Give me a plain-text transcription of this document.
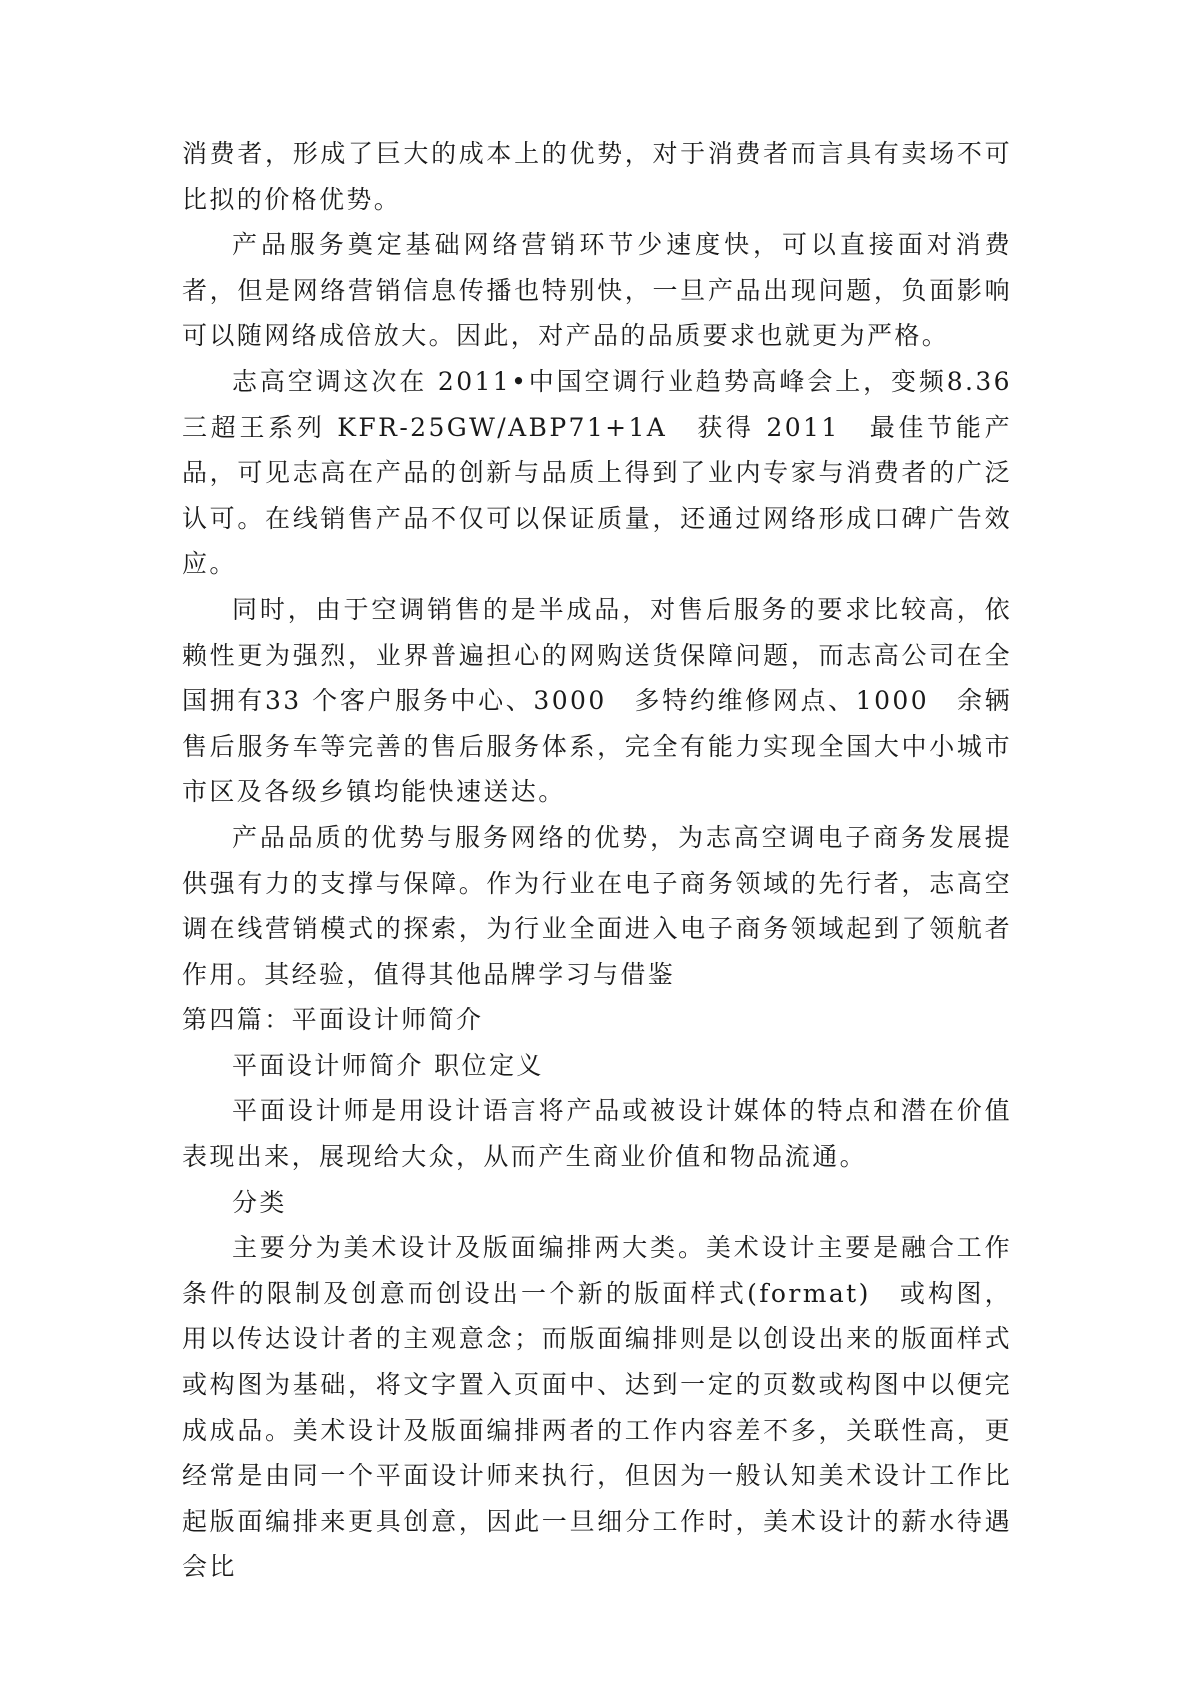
消费者，形成了巨大的成本上的优势，对于消费者而言具有卖场不可比拟的价格优势。

产品服务奠定基础网络营销环节少速度快，可以直接面对消费者，但是网络营销信息传播也特别快，一旦产品出现问题，负面影响可以随网络成倍放大。因此，对产品的品质要求也就更为严格。

志高空调这次在 2011•中国空调行业趋势高峰会上，变频8.36 三超王系列 KFR-25GW/ABP71+1A　获得 2011　最佳节能产品，可见志高在产品的创新与品质上得到了业内专家与消费者的广泛认可。在线销售产品不仅可以保证质量，还通过网络形成口碑广告效应。

同时，由于空调销售的是半成品，对售后服务的要求比较高，依赖性更为强烈，业界普遍担心的网购送货保障问题，而志高公司在全国拥有33 个客户服务中心、3000　多特约维修网点、1000　余辆售后服务车等完善的售后服务体系，完全有能力实现全国大中小城市市区及各级乡镇均能快速送达。

产品品质的优势与服务网络的优势，为志高空调电子商务发展提供强有力的支撑与保障。作为行业在电子商务领域的先行者，志高空调在线营销模式的探索，为行业全面进入电子商务领域起到了领航者作用。其经验，值得其他品牌学习与借鉴

第四篇：平面设计师简介

平面设计师简介 职位定义

平面设计师是用设计语言将产品或被设计媒体的特点和潜在价值表现出来，展现给大众，从而产生商业价值和物品流通。

分类

主要分为美术设计及版面编排两大类。美术设计主要是融合工作条件的限制及创意而创设出一个新的版面样式(format)　或构图，用以传达设计者的主观意念；而版面编排则是以创设出来的版面样式或构图为基础，将文字置入页面中、达到一定的页数或构图中以便完成成品。美术设计及版面编排两者的工作内容差不多，关联性高，更经常是由同一个平面设计师来执行，但因为一般认知美术设计工作比起版面编排来更具创意，因此一旦细分工作时，美术设计的薪水待遇会比
